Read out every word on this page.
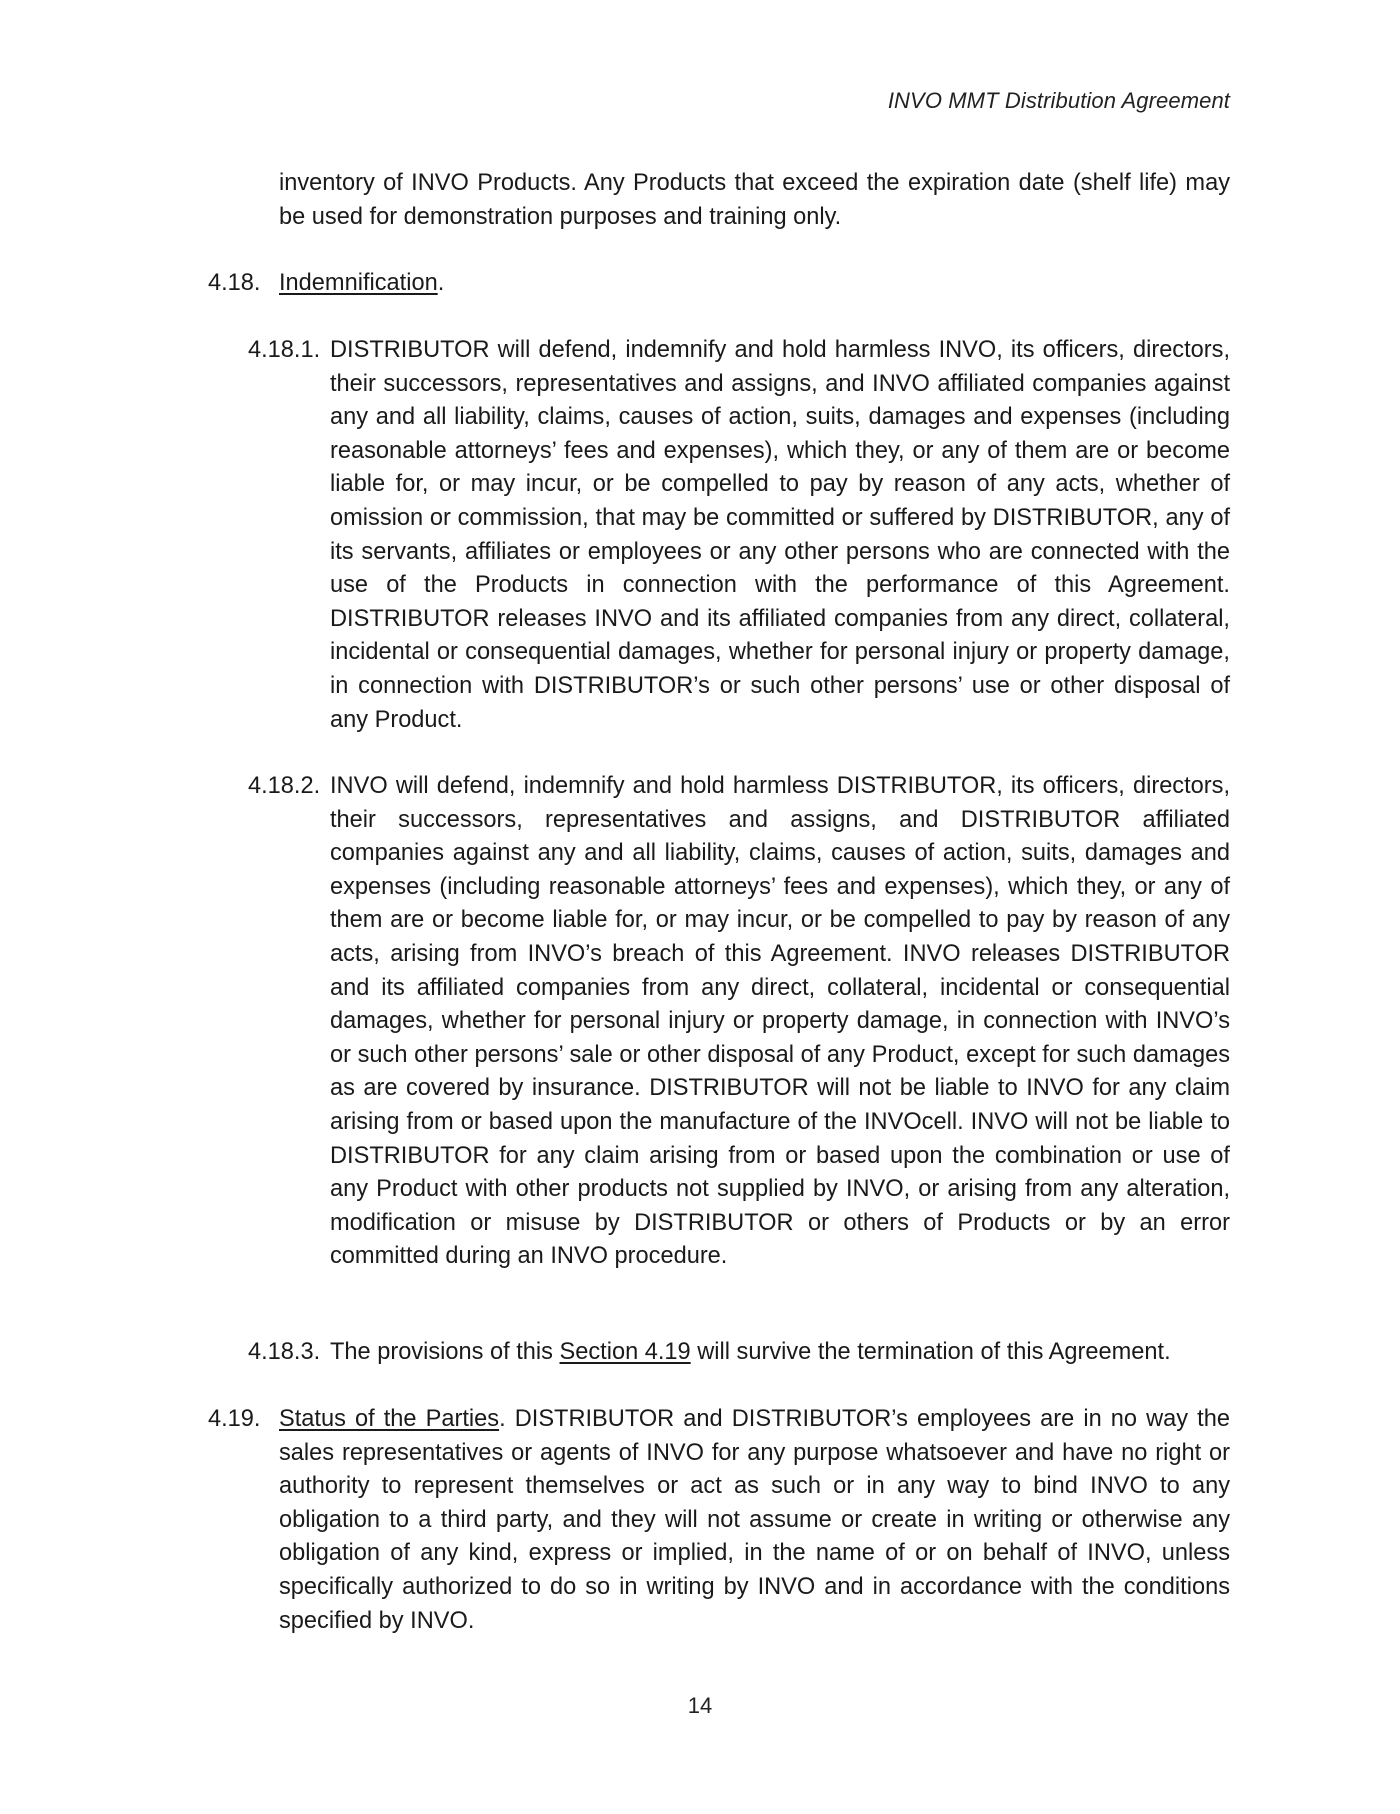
INVO MMT Distribution Agreement
inventory of INVO Products. Any Products that exceed the expiration date (shelf life) may be used for demonstration purposes and training only.
4.18. Indemnification.
4.18.1. DISTRIBUTOR will defend, indemnify and hold harmless INVO, its officers, directors, their successors, representatives and assigns, and INVO affiliated companies against any and all liability, claims, causes of action, suits, damages and expenses (including reasonable attorneys’ fees and expenses), which they, or any of them are or become liable for, or may incur, or be compelled to pay by reason of any acts, whether of omission or commission, that may be committed or suffered by DISTRIBUTOR, any of its servants, affiliates or employees or any other persons who are connected with the use of the Products in connection with the performance of this Agreement. DISTRIBUTOR releases INVO and its affiliated companies from any direct, collateral, incidental or consequential damages, whether for personal injury or property damage, in connection with DISTRIBUTOR’s or such other persons’ use or other disposal of any Product.
4.18.2. INVO will defend, indemnify and hold harmless DISTRIBUTOR, its officers, directors, their successors, representatives and assigns, and DISTRIBUTOR affiliated companies against any and all liability, claims, causes of action, suits, damages and expenses (including reasonable attorneys’ fees and expenses), which they, or any of them are or become liable for, or may incur, or be compelled to pay by reason of any acts, arising from INVO’s breach of this Agreement. INVO releases DISTRIBUTOR and its affiliated companies from any direct, collateral, incidental or consequential damages, whether for personal injury or property damage, in connection with INVO’s or such other persons’ sale or other disposal of any Product, except for such damages as are covered by insurance. DISTRIBUTOR will not be liable to INVO for any claim arising from or based upon the manufacture of the INVOcell. INVO will not be liable to DISTRIBUTOR for any claim arising from or based upon the combination or use of any Product with other products not supplied by INVO, or arising from any alteration, modification or misuse by DISTRIBUTOR or others of Products or by an error committed during an INVO procedure.
4.18.3. The provisions of this Section 4.19 will survive the termination of this Agreement.
4.19. Status of the Parties. DISTRIBUTOR and DISTRIBUTOR’s employees are in no way the sales representatives or agents of INVO for any purpose whatsoever and have no right or authority to represent themselves or act as such or in any way to bind INVO to any obligation to a third party, and they will not assume or create in writing or otherwise any obligation of any kind, express or implied, in the name of or on behalf of INVO, unless specifically authorized to do so in writing by INVO and in accordance with the conditions specified by INVO.
14
